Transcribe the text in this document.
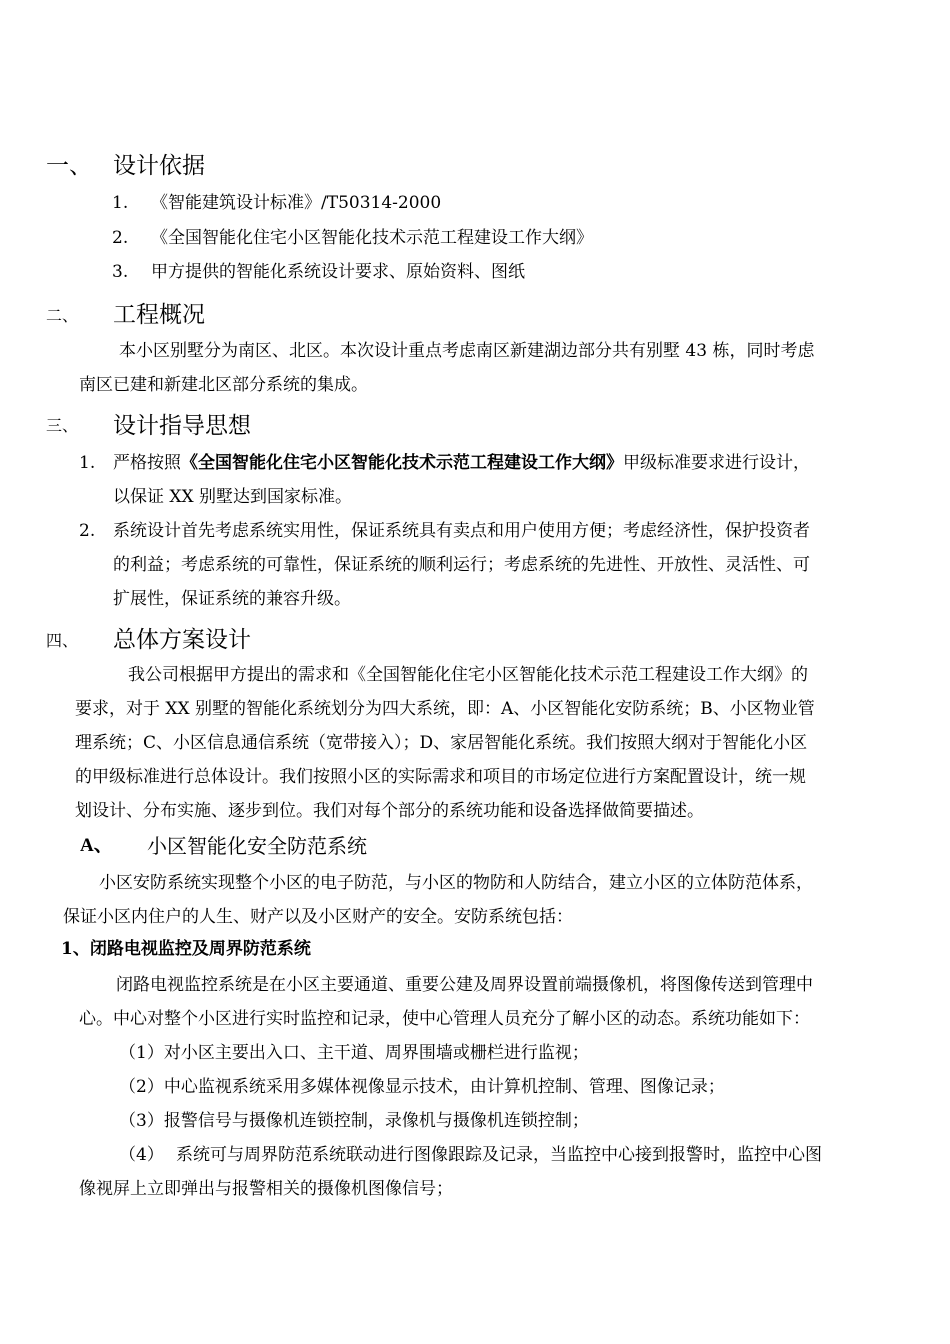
一、 设计依据
1. 《智能建筑设计标准》/T50314-2000
2. 《全国智能化住宅小区智能化技术示范工程建设工作大纲》
3. 甲方提供的智能化系统设计要求、原始资料、图纸
二、 工程概况
本小区别墅分为南区、北区。本次设计重点考虑南区新建湖边部分共有别墅 43 栋，同时考虑
南区已建和新建北区部分系统的集成。
三、 设计指导思想
1. 严格按照《全国智能化住宅小区智能化技术示范工程建设工作大纲》甲级标准要求进行设计，
以保证 XX 别墅达到国家标准。
2. 系统设计首先考虑系统实用性，保证系统具有卖点和用户使用方便；考虑经济性，保护投资者
的利益；考虑系统的可靠性，保证系统的顺利运行；考虑系统的先进性、开放性、灵活性、可
扩展性，保证系统的兼容升级。
四、 总体方案设计
我公司根据甲方提出的需求和《全国智能化住宅小区智能化技术示范工程建设工作大纲》的
要求，对于 XX 别墅的智能化系统划分为四大系统，即：A、小区智能化安防系统；B、小区物业管
理系统；C、小区信息通信系统（宽带接入）；D、家居智能化系统。我们按照大纲对于智能化小区
的甲级标准进行总体设计。我们按照小区的实际需求和项目的市场定位进行方案配置设计，统一规
划设计、分布实施、逐步到位。我们对每个部分的系统功能和设备选择做简要描述。
A、 小区智能化安全防范系统
小区安防系统实现整个小区的电子防范，与小区的物防和人防结合，建立小区的立体防范体系，
保证小区内住户的人生、财产以及小区财产的安全。安防系统包括：
1、闭路电视监控及周界防范系统
闭路电视监控系统是在小区主要通道、重要公建及周界设置前端摄像机，将图像传送到管理中
心。中心对整个小区进行实时监控和记录，使中心管理人员充分了解小区的动态。系统功能如下：
（1）对小区主要出入口、主干道、周界围墙或栅栏进行监视；
（2）中心监视系统采用多媒体视像显示技术，由计算机控制、管理、图像记录；
（3）报警信号与摄像机连锁控制，录像机与摄像机连锁控制；
（4） 系统可与周界防范系统联动进行图像跟踪及记录，当监控中心接到报警时，监控中心图
像视屏上立即弹出与报警相关的摄像机图像信号；
